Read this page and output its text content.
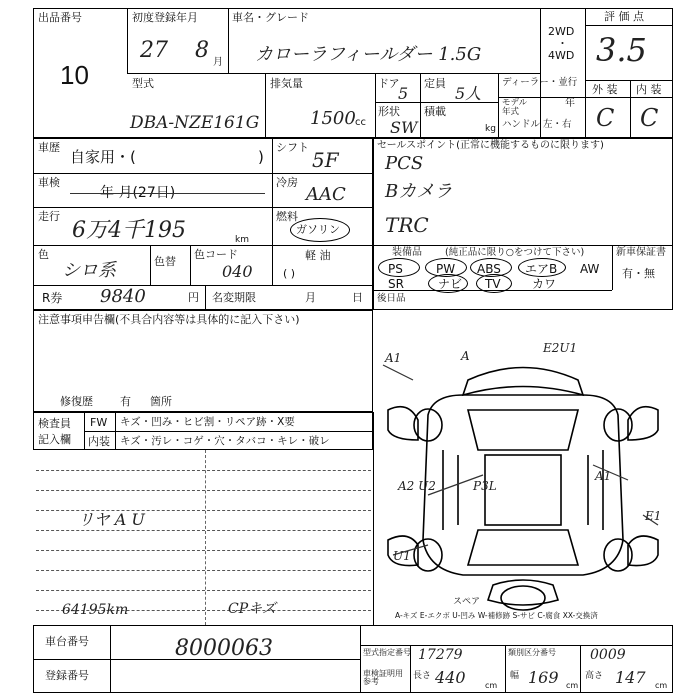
出品番号
10
初度登録年月
27 8 月
車名・グレード
カローラフィールダー 1.5G
2WD
・
4WD
評 価 点
3.5
型式
DBA-NZE161G
排気量
1500 cc
ドア
5
定員
5人
形状
SW
積載
kg
ディーラー・並行
モデル年式
年
ハンドル 左・右
外 装 内 装
C C
車歴
自家用・(	)
シフト
5F
車検
年 月(27日)
冷房
AAC
走行
6万4千195	km
燃料
ガソリン
軽 油
( )
色
シロ系	色替
色コード
040
R券 9840	円 名変期限	月	日
セールスポイント(正常に機能するものに限ります)
PCS
Bカメラ
TRC
装備品 (純正品に限り○をつけて下さい)
PS	PW ABS エアB AW
SR	ナビ TV	カワ
新車保証書
有・無
後日品
注意事項申告欄(不具合内容等は具体的に記入下さい)
修復歴 有 箇所
検査員
記入欄
FW キズ・凹み・ヒビ割・リペア跡・X要
内装 キズ・汚レ・コゲ・穴・タバコ・キレ・破レ
リヤ A U
64195km	CPキズ
A
E2U1
A2 U2	P3L
A1
E1
U1
A1
スペア
A-キズ E-エクボ U-凹み W-補修跡 S-サビ C-腐食 XX-交換済
車台番号	8000063
登録番号
型式指定番号 17279	類別区分番号 0009
車検証明用参考
長さ 440 cm
幅 169 cm
高さ 147 cm
